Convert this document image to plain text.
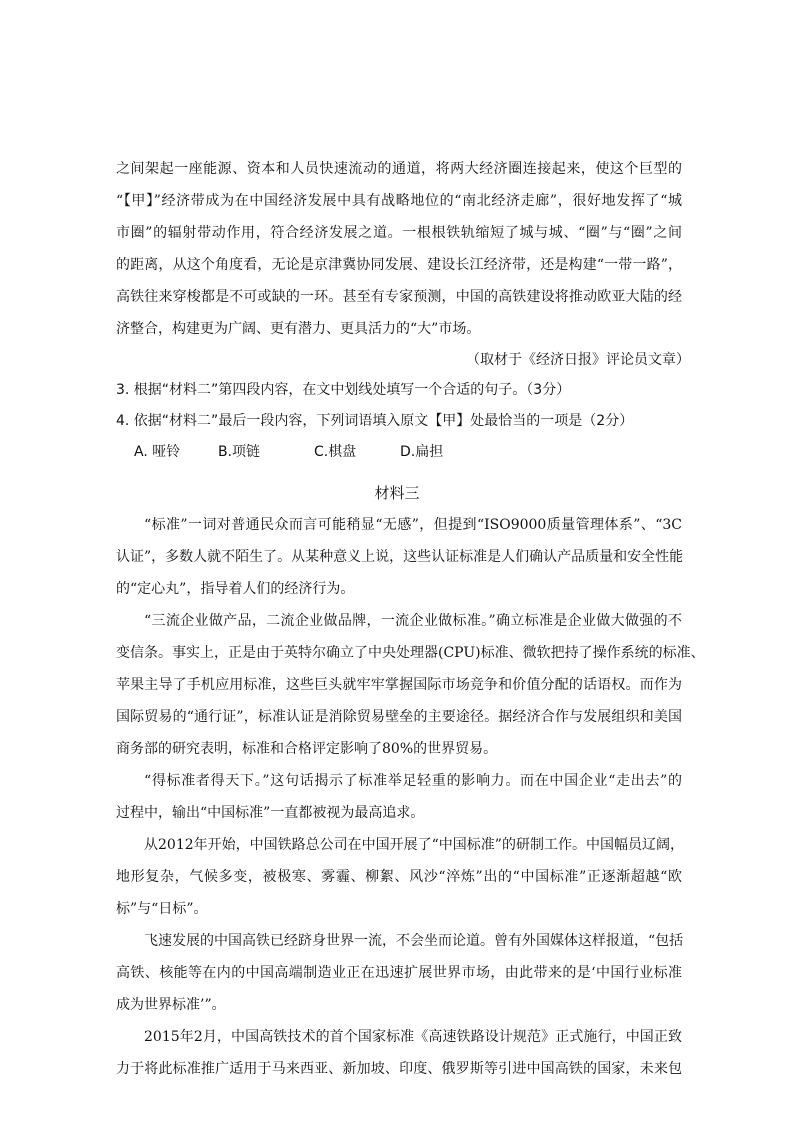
之间架起一座能源、资本和人员快速流动的通道，将两大经济圈连接起来，使这个巨型的
“【甲】”经济带成为在中国经济发展中具有战略地位的“南北经济走廊”，很好地发挥了“城
市圈”的辐射带动作用，符合经济发展之道。一根根铁轨缩短了城与城、“圈”与“圈”之间
的距离，从这个角度看，无论是京津冀协同发展、建设长江经济带，还是构建“一带一路”，
高铁往来穿梭都是不可或缺的一环。甚至有专家预测，中国的高铁建设将推动欧亚大陆的经
济整合，构建更为广阔、更有潜力、更具活力的“大”市场。
（取材于《经济日报》评论员文章）
3. 根据“材料二”第四段内容，在文中划线处填写一个合适的句子。（3分）
4. 依据“材料二”最后一段内容，下列词语填入原文【甲】处最恰当的一项是（2分）
A. 哑铃	B.项链	C.棋盘	D.扁担
材料三
“标准”一词对普通民众而言可能稍显“无感”，但提到“ISO9000质量管理体系”、“3C
认证”，多数人就不陌生了。从某种意义上说，这些认证标准是人们确认产品质量和安全性能
的“定心丸”，指导着人们的经济行为。
“三流企业做产品，二流企业做品牌，一流企业做标准。”确立标准是企业做大做强的不
变信条。事实上，正是由于英特尔确立了中央处理器(CPU)标准、微软把持了操作系统的标准、
苹果主导了手机应用标准，这些巨头就牢牢掌握国际市场竞争和价值分配的话语权。而作为
国际贸易的“通行证”，标准认证是消除贸易壁垒的主要途径。据经济合作与发展组织和美国
商务部的研究表明，标准和合格评定影响了80%的世界贸易。
“得标准者得天下。”这句话揭示了标准举足轻重的影响力。而在中国企业“走出去”的
过程中，输出“中国标准”一直都被视为最高追求。
从2012年开始，中国铁路总公司在中国开展了“中国标准”的研制工作。中国幅员辽阔，
地形复杂，气候多变，被极寒、雾霾、柳絮、风沙“淬炼”出的“中国标准”正逐渐超越“欧
标”与“日标”。
飞速发展的中国高铁已经跻身世界一流，不会坐而论道。曾有外国媒体这样报道，“包括
高铁、核能等在内的中国高端制造业正在迅速扩展世界市场，由此带来的是‘中国行业标准
成为世界标准’”。
2015年2月，中国高铁技术的首个国家标准《高速铁路设计规范》正式施行，中国正致
力于将此标准推广适用于马来西亚、新加坡、印度、俄罗斯等引进中国高铁的国家，未来包
